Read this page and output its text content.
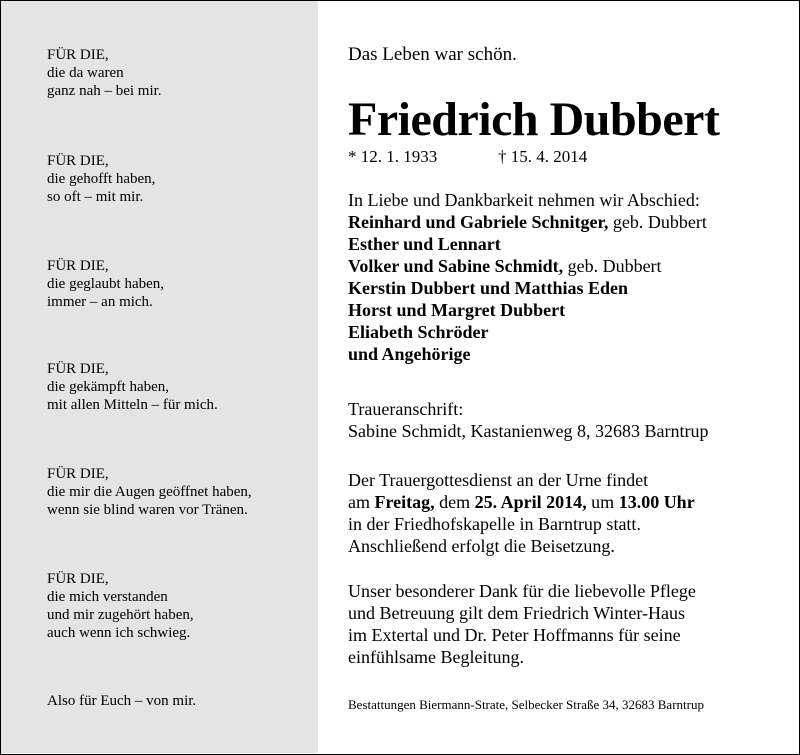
FÜR DIE,
die da waren
ganz nah – bei mir.
FÜR DIE,
die gehofft haben,
so oft – mit mir.
FÜR DIE,
die geglaubt haben,
immer – an mich.
FÜR DIE,
die gekämpft haben,
mit allen Mitteln – für mich.
FÜR DIE,
die mir die Augen geöffnet haben,
wenn sie blind waren vor Tränen.
FÜR DIE,
die mich verstanden
und mir zugehört haben,
auch wenn ich schwieg.
Also für Euch – von mir.
Das Leben war schön.
Friedrich Dubbert
* 12. 1. 1933	† 15. 4. 2014
In Liebe und Dankbarkeit nehmen wir Abschied:
Reinhard und Gabriele Schnitger, geb. Dubbert
Esther und Lennart
Volker und Sabine Schmidt, geb. Dubbert
Kerstin Dubbert und Matthias Eden
Horst und Margret Dubbert
Eliabeth Schröder
und Angehörige
Traueranschrift:
Sabine Schmidt, Kastanienweg 8, 32683 Barntrup
Der Trauergottesdienst an der Urne findet
am Freitag, dem 25. April 2014, um 13.00 Uhr
in der Friedhofskapelle in Barntrup statt.
Anschließend erfolgt die Beisetzung.
Unser besonderer Dank für die liebevolle Pflege
und Betreuung gilt dem Friedrich Winter-Haus
im Extertal und Dr. Peter Hoffmanns für seine
einfühlsame Begleitung.
Bestattungen Biermann-Strate, Selbecker Straße 34, 32683 Barntrup
